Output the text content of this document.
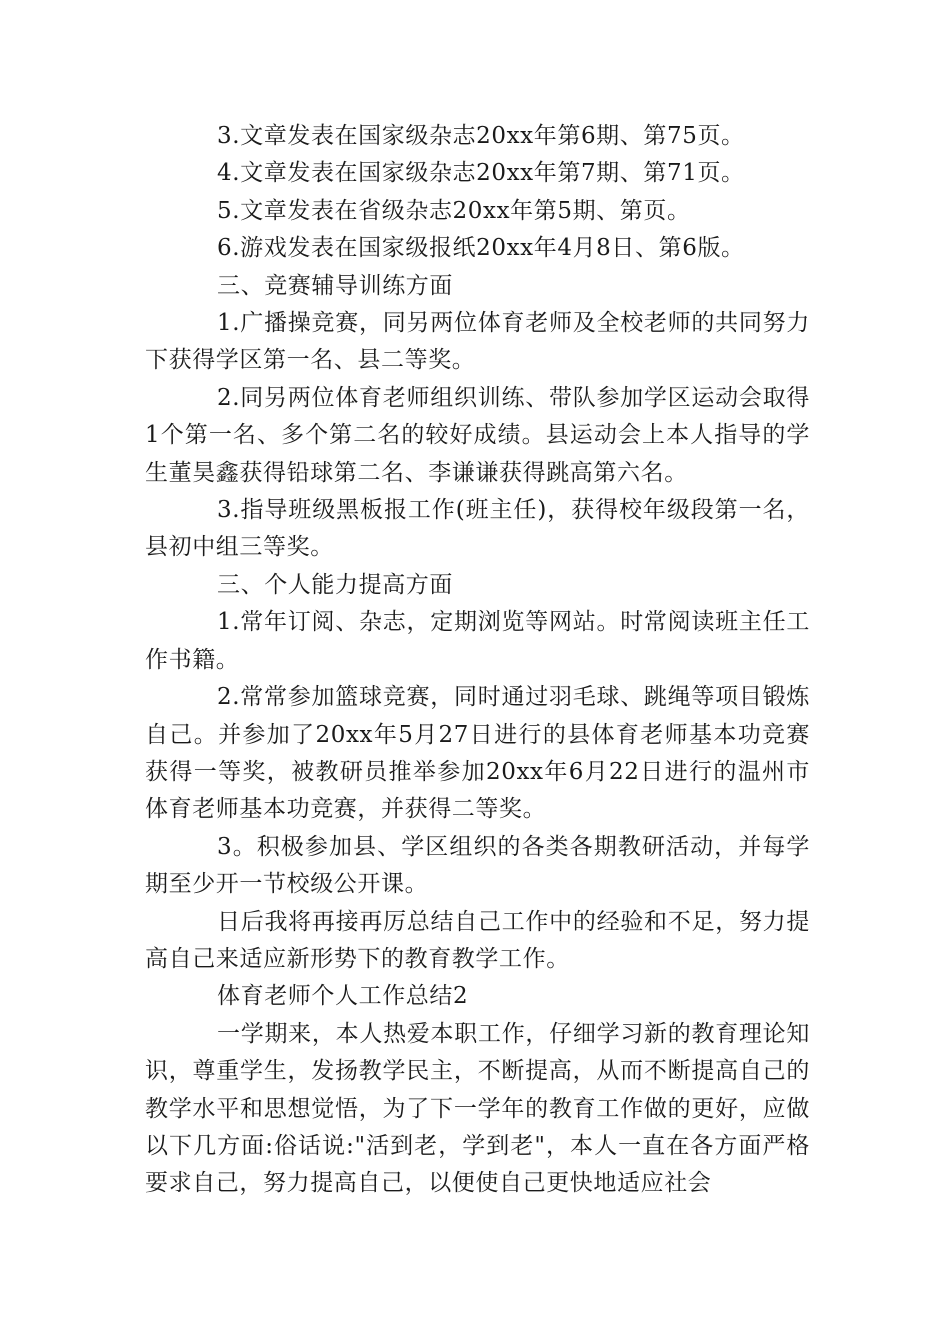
3.文章发表在国家级杂志20xx年第6期、第75页。

4.文章发表在国家级杂志20xx年第7期、第71页。

5.文章发表在省级杂志20xx年第5期、第页。

6.游戏发表在国家级报纸20xx年4月8日、第6版。

三、竞赛辅导训练方面

1.广播操竞赛，同另两位体育老师及全校老师的共同努力下获得学区第一名、县二等奖。

2.同另两位体育老师组织训练、带队参加学区运动会取得1个第一名、多个第二名的较好成绩。县运动会上本人指导的学生董昊鑫获得铅球第二名、李谦谦获得跳高第六名。

3.指导班级黑板报工作(班主任)，获得校年级段第一名，县初中组三等奖。

三、个人能力提高方面

1.常年订阅、杂志，定期浏览等网站。时常阅读班主任工作书籍。

2.常常参加篮球竞赛，同时通过羽毛球、跳绳等项目锻炼自己。并参加了20xx年5月27日进行的县体育老师基本功竞赛获得一等奖，被教研员推举参加20xx年6月22日进行的温州市体育老师基本功竞赛，并获得二等奖。

3。积极参加县、学区组织的各类各期教研活动，并每学期至少开一节校级公开课。

日后我将再接再厉总结自己工作中的经验和不足，努力提高自己来适应新形势下的教育教学工作。

体育老师个人工作总结2

一学期来，本人热爱本职工作，仔细学习新的教育理论知识，尊重学生，发扬教学民主，不断提高，从而不断提高自己的教学水平和思想觉悟，为了下一学年的教育工作做的更好，应做以下几方面:俗话说:"活到老，学到老"，本人一直在各方面严格要求自己，努力提高自己，以便使自己更快地适应社会
